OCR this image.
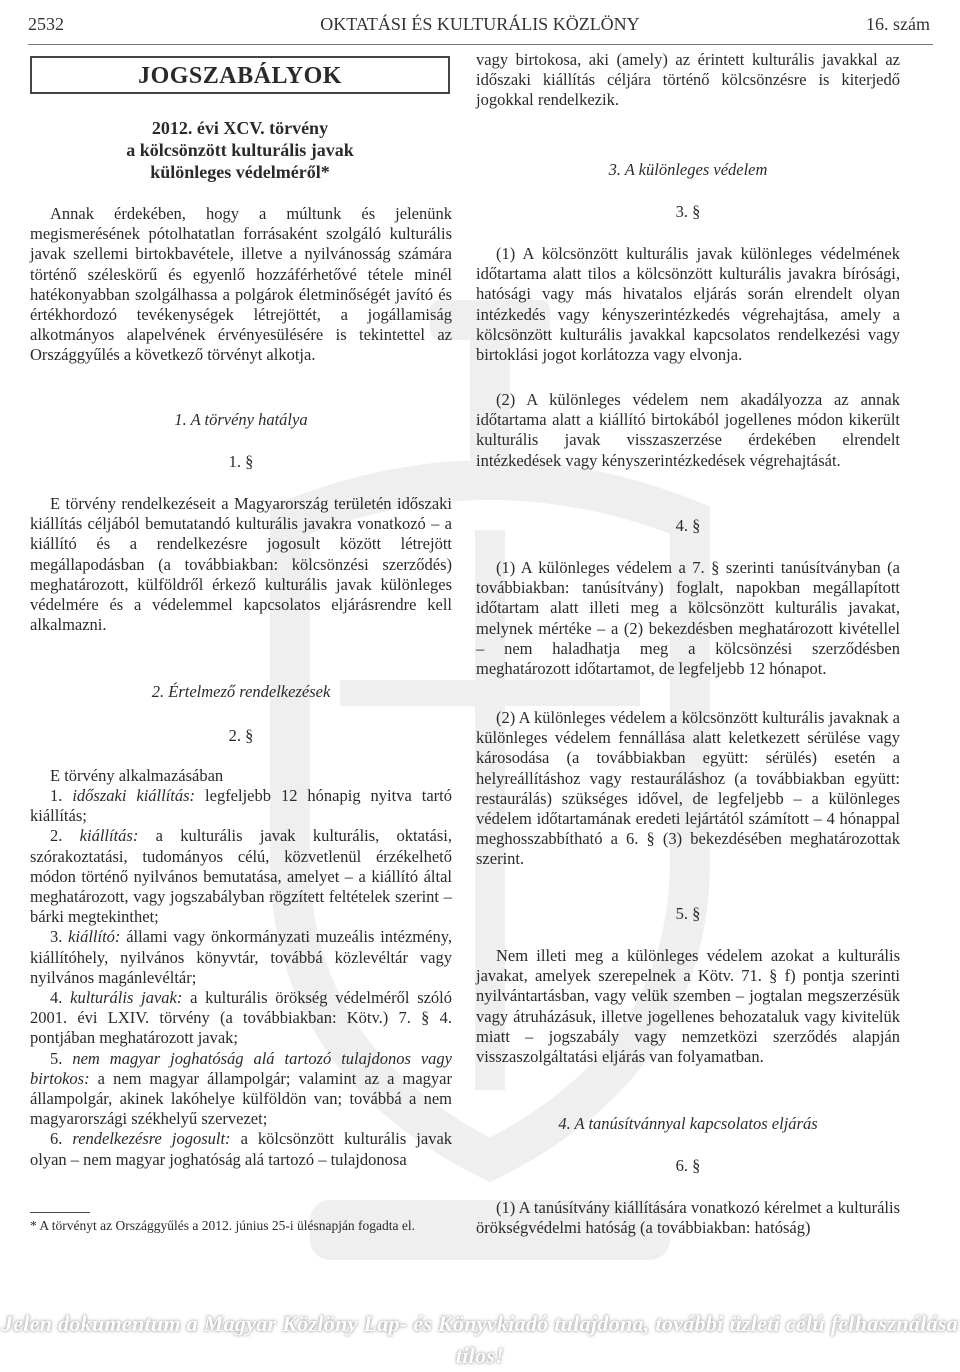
2532	OKTATÁSI ÉS KULTURÁLIS KÖZLÖNY	16. szám
JOGSZABÁLYOK
2012. évi XCV. törvény
a kölcsönzött kulturális javak
különleges védelméről*
Annak érdekében, hogy a múltunk és jelenünk megismerésének pótolhatatlan forrásaként szolgáló kulturális javak szellemi birtokbavétele, illetve a nyilvánosság számára történő széleskörű és egyenlő hozzáférhetővé tétele minél hatékonyabban szolgálhassa a polgárok életminőségét javító és értékhordozó tevékenységek létrejöttét, a jogállamiság alkotmányos alapelvének érvényesülésére is tekintettel az Országgyűlés a következő törvényt alkotja.
1. A törvény hatálya
1. §
E törvény rendelkezéseit a Magyarország területén időszaki kiállítás céljából bemutatandó kulturális javakra vonatkozó – a kiállító és a rendelkezésre jogosult között létrejött megállapodásban (a továbbiakban: kölcsönzési szerződés) meghatározott, külföldről érkező kulturális javak különleges védelmére és a védelemmel kapcsolatos eljárásrendre kell alkalmazni.
2. Értelmező rendelkezések
2. §
E törvény alkalmazásában
1. időszaki kiállítás: legfeljebb 12 hónapig nyitva tartó kiállítás;
2. kiállítás: a kulturális javak kulturális, oktatási, szórakoztatási, tudományos célú, közvetlenül érzékelhető módon történő nyilvános bemutatása, amelyet – a kiállító által meghatározott, vagy jogszabályban rögzített feltételek szerint – bárki megtekinthet;
3. kiállító: állami vagy önkormányzati muzeális intézmény, kiállítóhely, nyilvános könyvtár, továbbá közlevéltár vagy nyilvános magánlevéltár;
4. kulturális javak: a kulturális örökség védelméről szóló 2001. évi LXIV. törvény (a továbbiakban: Kötv.) 7. § 4. pontjában meghatározott javak;
5. nem magyar joghatóság alá tartozó tulajdonos vagy birtokos: a nem magyar állampolgár; valamint az a magyar állampolgár, akinek lakóhelye külföldön van; továbbá a nem magyarországi székhelyű szervezet;
6. rendelkezésre jogosult: a kölcsönzött kulturális javak olyan – nem magyar joghatóság alá tartozó – tulajdonosa
* A törvényt az Országgyűlés a 2012. június 25-i ülésnapján fogadta el.
vagy birtokosa, aki (amely) az érintett kulturális javakkal az időszaki kiállítás céljára történő kölcsönzésre is kiterjedő jogokkal rendelkezik.
3. A különleges védelem
3. §
(1) A kölcsönzött kulturális javak különleges védelmének időtartama alatt tilos a kölcsönzött kulturális javakra bírósági, hatósági vagy más hivatalos eljárás során elrendelt olyan intézkedés vagy kényszerintézkedés végrehajtása, amely a kölcsönzött kulturális javakkal kapcsolatos rendelkezési vagy birtoklási jogot korlátozza vagy elvonja.
(2) A különleges védelem nem akadályozza az annak időtartama alatt a kiállító birtokából jogellenes módon kikerült kulturális javak visszaszerzése érdekében elrendelt intézkedések vagy kényszerintézkedések végrehajtását.
4. §
(1) A különleges védelem a 7. § szerinti tanúsítványban (a továbbiakban: tanúsítvány) foglalt, napokban megállapított időtartam alatt illeti meg a kölcsönzött kulturális javakat, melynek mértéke – a (2) bekezdésben meghatározott kivétellel – nem haladhatja meg a kölcsönzési szerződésben meghatározott időtartamot, de legfeljebb 12 hónapot.
(2) A különleges védelem a kölcsönzött kulturális javaknak a különleges védelem fennállása alatt keletkezett sérülése vagy károsodása (a továbbiakban együtt: sérülés) esetén a helyreállításhoz vagy restauráláshoz (a továbbiakban együtt: restaurálás) szükséges idővel, de legfeljebb – a különleges védelem időtartamának eredeti lejártától számított – 4 hónappal meghosszabbítható a 6. § (3) bekezdésében meghatározottak szerint.
5. §
Nem illeti meg a különleges védelem azokat a kulturális javakat, amelyek szerepelnek a Kötv. 71. § f) pontja szerinti nyilvántartásban, vagy velük szemben – jogtalan megszerzésük vagy átruházásuk, illetve jogellenes behozataluk vagy kivitelük miatt – jogszabály vagy nemzetközi szerződés alapján visszaszolgáltatási eljárás van folyamatban.
4. A tanúsítvánnyal kapcsolatos eljárás
6. §
(1) A tanúsítvány kiállítására vonatkozó kérelmet a kulturális örökségvédelmi hatóság (a továbbiakban: hatóság)
Jelen dokumentum a Magyar Közlöny Lap- és Könyvkiadó tulajdona, további üzleti célú felhasználása tilos!
